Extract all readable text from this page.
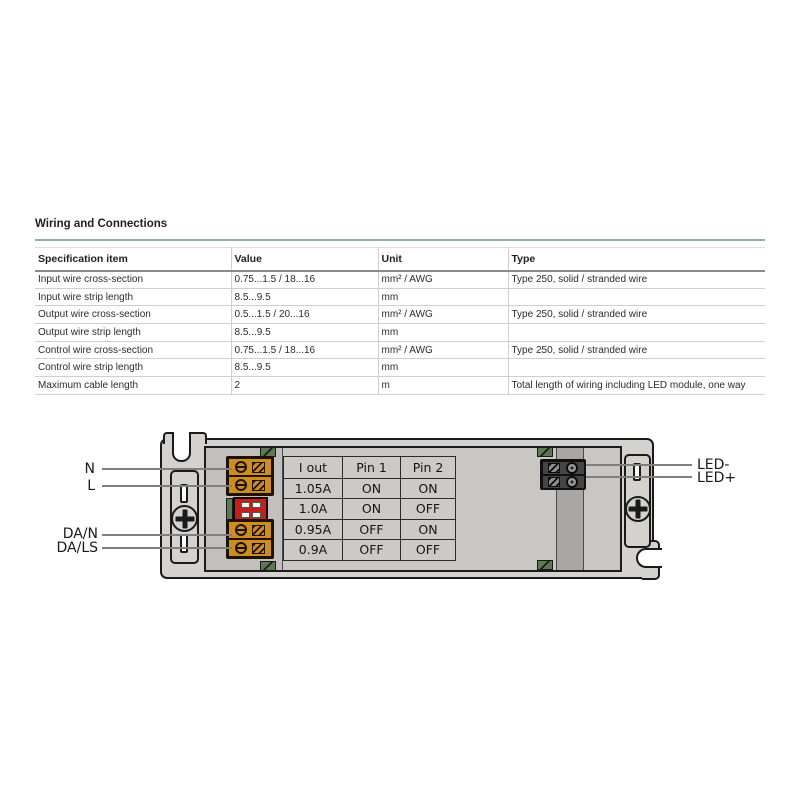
Wiring and Connections
Specification item	Value	Unit	Type
Input wire cross-section	0.75...1.5 / 18...16	mm² / AWG	Type 250, solid / stranded wire
Input wire strip length	8.5...9.5	mm	
Output wire cross-section	0.5...1.5 / 20...16	mm² / AWG	Type 250, solid / stranded wire
Output wire strip length	8.5...9.5	mm	
Control wire cross-section	0.75...1.5 / 18...16	mm² / AWG	Type 250, solid / stranded wire
Control wire strip length	8.5...9.5	mm	
Maximum cable length	2	m	Total length of wiring including LED module, one way
I out	Pin 1	Pin 2
1.05A	ON	ON
1.0A	ON	OFF
0.95A	OFF	ON
0.9A	OFF	OFF
N
L
DA/N
DA/LS
LED-
LED+
